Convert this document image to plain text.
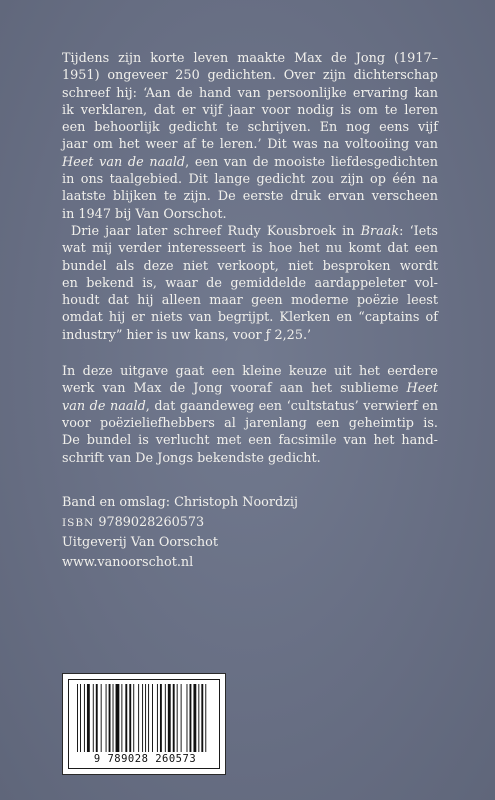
Tijdens zijn korte leven maakte Max de Jong (1917–
1951) ongeveer 250 gedichten. Over zijn dichterschap
schreef hij: ‘Aan de hand van persoonlijke ervaring kan
ik verklaren, dat er vijf jaar voor nodig is om te leren
een behoorlijk gedicht te schrijven. En nog eens vijf
jaar om het weer af te leren.’ Dit was na voltooiing van
Heet van de naald, een van de mooiste liefdesgedichten
in ons taalgebied. Dit lange gedicht zou zijn op één na
laatste blijken te zijn. De eerste druk ervan verscheen
in 1947 bij Van Oorschot.

Drie jaar later schreef Rudy Kousbroek in Braak: ‘Iets
wat mij verder interesseert is hoe het nu komt dat een
bundel als deze niet verkoopt, niet besproken wordt
en bekend is, waar de gemiddelde aardappeleter vol-
houdt dat hij alleen maar geen moderne poëzie leest
omdat hij er niets van begrijpt. Klerken en “captains of
industry” hier is uw kans, voor ƒ 2,25.’

In deze uitgave gaat een kleine keuze uit het eerdere
werk van Max de Jong vooraf aan het sublieme Heet
van de naald, dat gaandeweg een ‘cultstatus’ verwierf en
voor poëzieliefhebbers al jarenlang een geheimtip is.
De bundel is verlucht met een facsimile van het hand-
schrift van De Jongs bekendste gedicht.

Band en omslag: Christoph Noordzij
ISBN 9789028260573
Uitgeverij Van Oorschot
www.vanoorschot.nl
9 789028 260573
